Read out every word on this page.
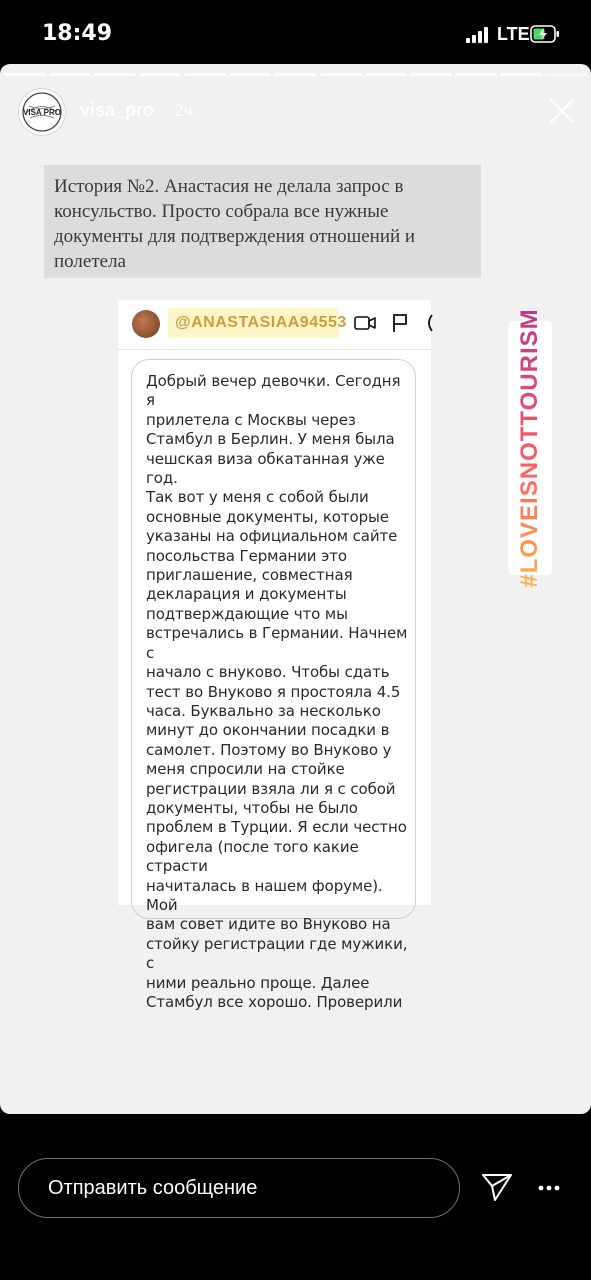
18:49	LTE
VISA PRO visa_pro 2ч.
История №2. Анастасия не делала запрос в консульство. Просто собрала все нужные документы для подтверждения отношений и полетела
@ANASTASIAA94553
Добрый вечер девочки. Сегодня я
прилетела с Москвы через
Стамбул в Берлин. У меня была
чешская виза обкатанная уже год.
Так вот у меня с собой были
основные документы, которые
указаны на официальном сайте
посольства Германии это
приглашение, совместная
декларация и документы
подтверждающие что мы
встречались в Германии. Начнем с
начало с внуково. Чтобы сдать
тест во Внуково я простояла 4.5
часа. Буквально за несколько
минут до окончании посадки в
самолет. Поэтому во Внуково у
меня спросили на стойке
регистрации взяла ли я с собой
документы, чтобы не было
проблем в Турции. Я если честно
офигела (после того какие страсти
начиталась в нашем форуме). Мой
вам совет идите во Внуково на
стойку регистрации где мужики, с
ними реально проще. Далее
Стамбул все хорошо. Проверили
#LOVEISNOTTOURISM
Отправить сообщение
